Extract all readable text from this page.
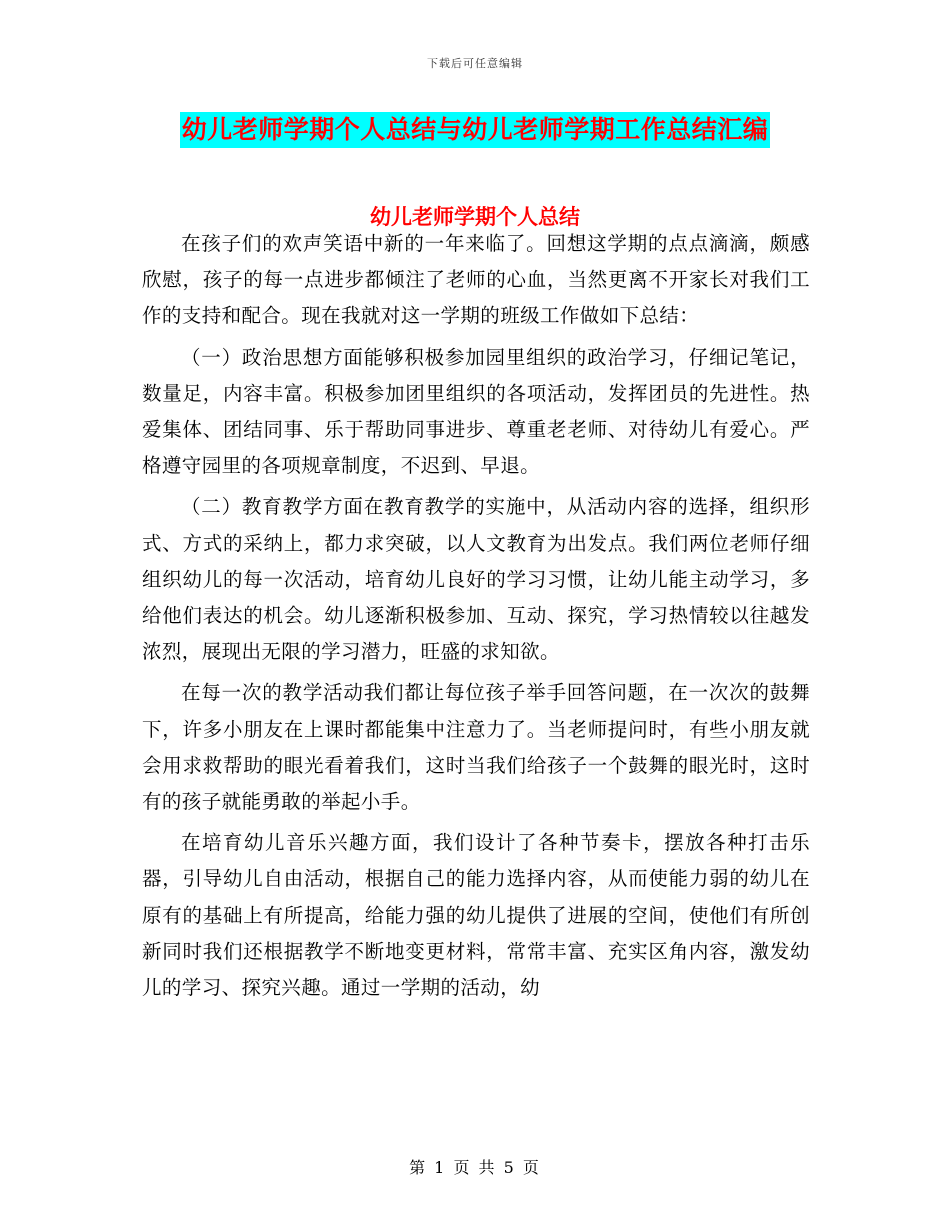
下载后可任意编辑
幼儿老师学期个人总结与幼儿老师学期工作总结汇编
幼儿老师学期个人总结

在孩子们的欢声笑语中新的一年来临了。回想这学期的点点滴滴，颇感欣慰，孩子的每一点进步都倾注了老师的心血，当然更离不开家长对我们工作的支持和配合。现在我就对这一学期的班级工作做如下总结：

（一）政治思想方面能够积极参加园里组织的政治学习，仔细记笔记，数量足，内容丰富。积极参加团里组织的各项活动，发挥团员的先进性。热爱集体、团结同事、乐于帮助同事进步、尊重老老师、对待幼儿有爱心。严格遵守园里的各项规章制度，不迟到、早退。

（二）教育教学方面在教育教学的实施中，从活动内容的选择，组织形式、方式的采纳上，都力求突破，以人文教育为出发点。我们两位老师仔细组织幼儿的每一次活动，培育幼儿良好的学习习惯，让幼儿能主动学习，多给他们表达的机会。幼儿逐渐积极参加、互动、探究，学习热情较以往越发浓烈，展现出无限的学习潜力，旺盛的求知欲。

在每一次的教学活动我们都让每位孩子举手回答问题，在一次次的鼓舞下，许多小朋友在上课时都能集中注意力了。当老师提问时，有些小朋友就会用求救帮助的眼光看着我们，这时当我们给孩子一个鼓舞的眼光时，这时有的孩子就能勇敢的举起小手。

在培育幼儿音乐兴趣方面，我们设计了各种节奏卡，摆放各种打击乐器，引导幼儿自由活动，根据自己的能力选择内容，从而使能力弱的幼儿在原有的基础上有所提高，给能力强的幼儿提供了进展的空间，使他们有所创新同时我们还根据教学不断地变更材料，常常丰富、充实区角内容，激发幼儿的学习、探究兴趣。通过一学期的活动，幼

第 1 页 共 5 页
